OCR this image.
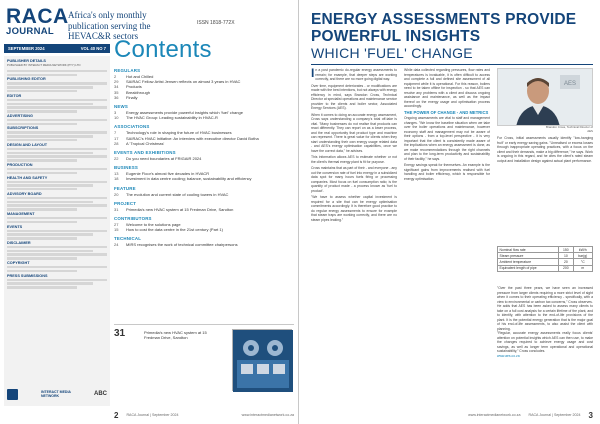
RACA
JOURNAL
Africa's only monthly publication serving the HEVAC&R sectors
ISSN 1818-772X
SEPTEMBER 2024	VOL 40 NO 7 Contents
PUBLISHER DETAILS
PUBLISHED BY INTERACT MEDIA NETWORK (PTY) LTD
PUBLISHING EDITOR
EDITOR
ADVERTISING
SUBSCRIPTIONS
DESIGN AND LAYOUT
PRODUCTION
HEALTH AND SAFETY
ADVISORY BOARD
MANAGEMENT
EVENTS
DISCLAIMER
COPYRIGHT
PRESS SUBMISSIONS
INTERACT MEDIA NETWORK	ABC
REGULARS
2	Hot and Chilled
29	SAIRAC Fellow Artist Jensen reflects on almost 3 years in HVAC
34	Products
35	Breakthrough
36	Finally
NEWS
3	Energy assessments provide powerful insights which 'fuel' change
10	The HVAC Group: Leading sustainability in HVAC-R
ASSOCIATIONS
7	Technology's role in shaping the future of HVAC businesses
17	SAIRAC's HVAC Initiative: An interview with executive director David Botha
28	A 'Tropical Christmas'
EVENTS AND EXHIBITIONS
22	Do you need boundaries at FRIGAIR 2024
BUSINESS
13	Eugenie Floor's almost five decades in HVACR
18	Investment in data centre cooling; balance, sustainability and efficiency
FEATURE
20	The evolution and current state of cooling towers in HVAC
PROJECT
31	Primedia's new HVAC system at 15 Fredman Drive, Sandton
CONTRIBUTORS
27	Welcome to the solutions page
15	How to cost the data centre in the 21st century (Part 1)
TECHNICAL
24	MIRS recognises the work of technical committee chairpersons
31	Primedia's new HVAC system at 15 Fredman Drive, Sandton
2 RACA Journal | September 2024	www.interactmedianetwork.co.za
ENERGY ASSESSMENTS PROVIDE POWERFUL INSIGHTS
WHICH 'FUEL' CHANGE

In a post pandemic do-regular energy assessments to remain; for example, that deeper steps are working correctly, and there are no more going digital way.

Over time, equipment deteriorates - or modifications are made with the best intentions, but not always with energy efficiency in mind, says Brandon Cross, Technical Director at specialist operations and maintenance service provider to the clients and boiler sector, Associated Energy Services (AES).

When it comes to doing an accurate energy assessment, Cross says understanding a company's total off-take is vital. "Many businesses do not realise that products can react differently. They can report on as a lower process, and the real opportunity that product type and machine can represent. There is great value for clients when they start understanding their own energy usage related data - and AES's energy optimisation capabilities, once we have the correct data," he advises.

This information allows AES to estimate whether or not the client's thermal energy plant is fit for purpose.

Cross maintains that as part of their - and everyone - any out the conversion rate of fuel into energy in a subsidized data spot for many hours fuels firing or processing companies. Most focus on fuel consumption ratio; is the quantity of product made - a process known as 'fuel to product'.

"We have to assess whether capital investment is required for a site that can be energy optimisation commitments accordingly. It is therefore good practice to do regular energy assessments to ensure for example that steam traps are working correctly, and there are no steam pipes leaking."

While data collected regarding pressures, flow rates and temperatures is invaluable, it is often difficult to access and complete a full and defined site assessment of all equipment while it is operational. For this reason, boilers need to be taken offline for inspection - so that AES can resolve any problems with a client and discuss ongoing assistance and maintenance, as well as the impact thereof on the energy usage and optimisation process accordingly.

THE POWER OF CHANGE - AND METRICS

Ongoing assessments are vital to staff and management changes. "We know the baseline situation when we take over the boiler operations and maintenance, however economy staff and management may not be aware of their options - from a top-level perspective - it is very important that the client is consistently made aware of the implications when an energy assessment is done, as we make recommendations through the right channels and plan to the long-term productivity and sustainability of their facility," he says.

Energy savings speak for themselves. An example is the significant gains from improvements realised with fuel handling and boiler efficiency, which is responsible for energy optimisation.

AES
Brandon Cross, Technical Director of AES

For Cross, initial assessments usually identify "low-hanging fruit" or early energy saving gains. "Unrealised or excess losses through inappropriate operating practices, with a focus on the client and their demands, make a big difference," he says. Work is ongoing in this regard, and he cites the client's rated steam output and installation design against actual plant performance.

Nominal flow rate	150	kW/h
Steam pressure	10	bar(g)
Ambient temperature	20	°C
Equivalent length of pipe	200	m

"Over the past three years, we have seen an increased pressure from larger clients requiring a more strict level of sight when it comes to their operating efficiency - specifically, with a view to environmental or carbon tax concerns," Cross observes.

He adds that AES has been asked to assess many clients to take on a full cost analysis for a certain lifetime of the plant, and to identify, with attention to the end-of-life provisions of the plant. It is the potential energy generation that is the major goal of his end-of-life assessments, to also assist the client with planning.

"Regular, accurate energy assessments really focus clients' attention on potential insights which AES can then use, to make the changes required to achieve energy usage and cost savings, as well as longer term operational and operational sustainability," Cross concludes.

www.aes.co.za

www.interactmedianetwork.co.za RACA Journal | September 2024 3
